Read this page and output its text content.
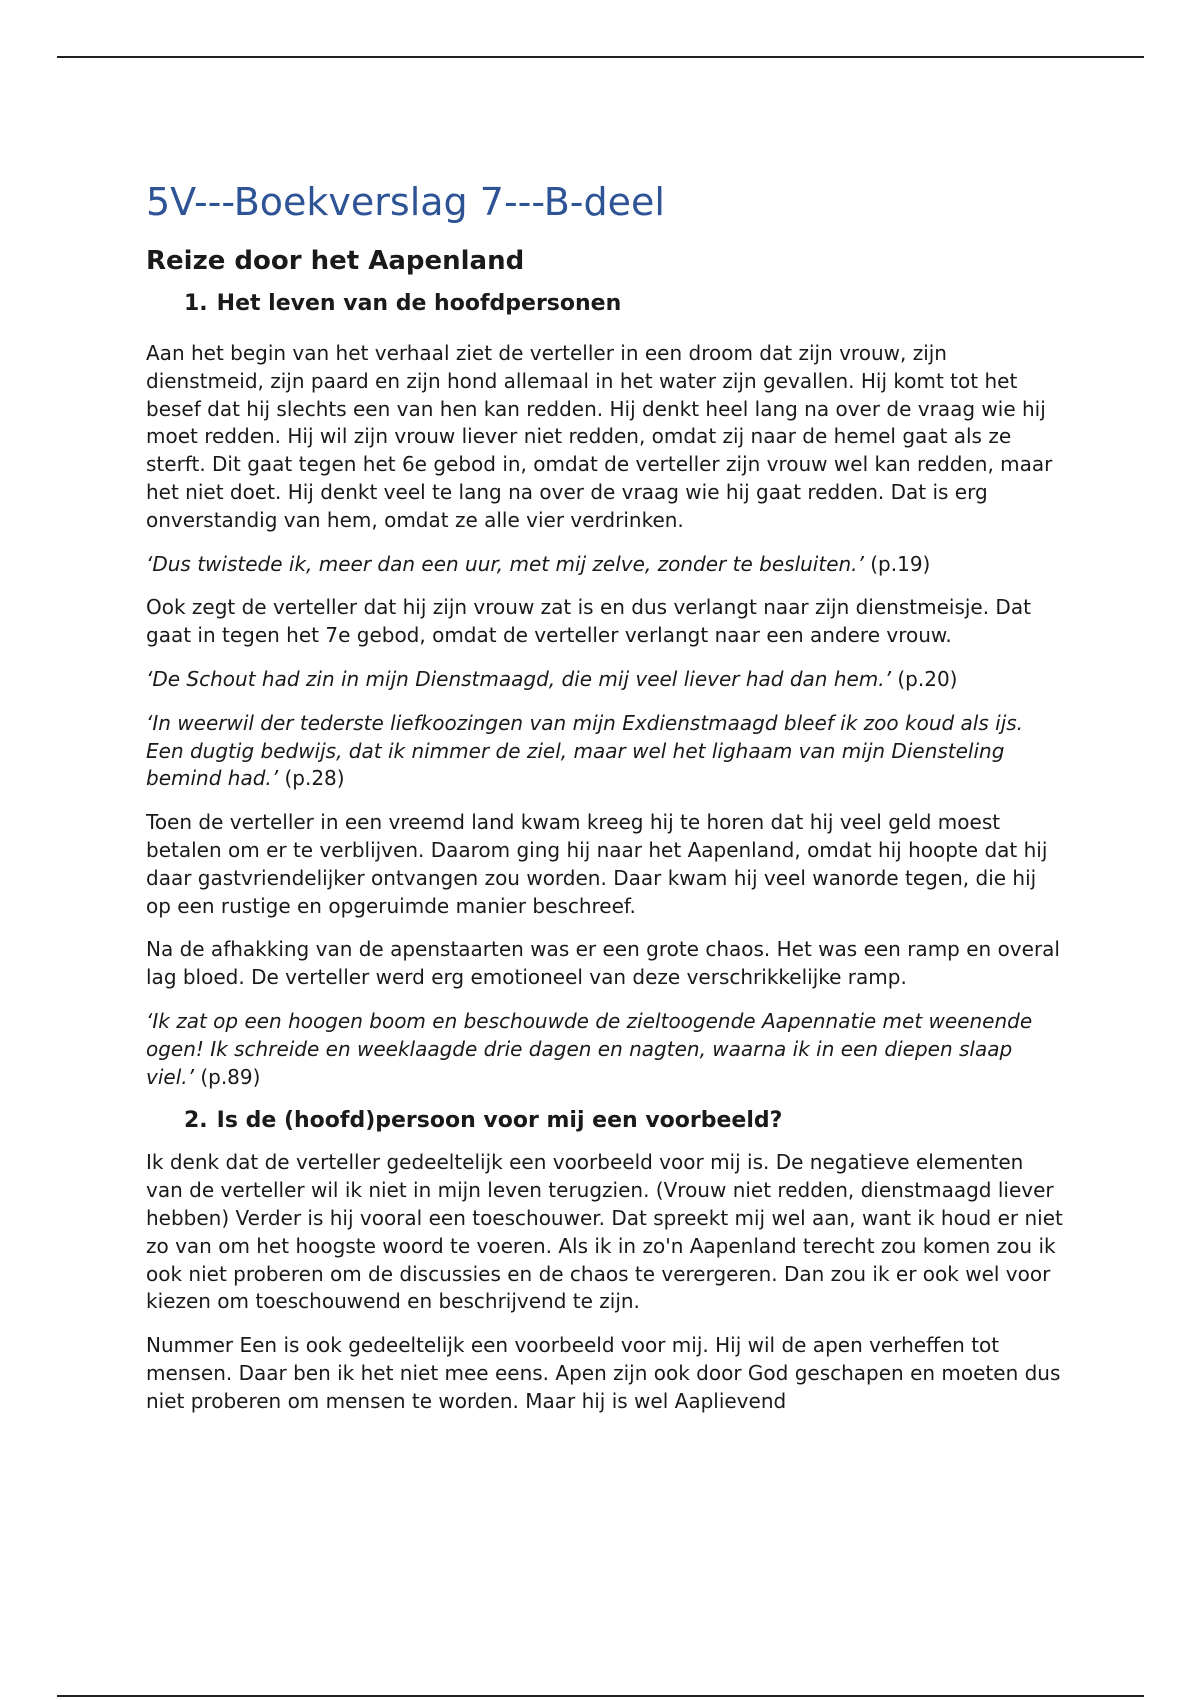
5V---Boekverslag 7---B-deel
Reize door het Aapenland
1. Het leven van de hoofdpersonen

Aan het begin van het verhaal ziet de verteller in een droom dat zijn vrouw, zijn dienstmeid, zijn paard en zijn hond allemaal in het water zijn gevallen. Hij komt tot het besef dat hij slechts een van hen kan redden. Hij denkt heel lang na over de vraag wie hij moet redden. Hij wil zijn vrouw liever niet redden, omdat zij naar de hemel gaat als ze sterft. Dit gaat tegen het 6e gebod in, omdat de verteller zijn vrouw wel kan redden, maar het niet doet. Hij denkt veel te lang na over de vraag wie hij gaat redden. Dat is erg onverstandig van hem, omdat ze alle vier verdrinken.

‘Dus twistede ik, meer dan een uur, met mij zelve, zonder te besluiten.’ (p.19)

Ook zegt de verteller dat hij zijn vrouw zat is en dus verlangt naar zijn dienstmeisje. Dat gaat in tegen het 7e gebod, omdat de verteller verlangt naar een andere vrouw.

‘De Schout had zin in mijn Dienstmaagd, die mij veel liever had dan hem.’ (p.20)

‘In weerwil der tederste liefkoozingen van mijn Exdienstmaagd bleef ik zoo koud als ijs. Een dugtig bedwijs, dat ik nimmer de ziel, maar wel het lighaam van mijn Diensteling bemind had.’ (p.28)

Toen de verteller in een vreemd land kwam kreeg hij te horen dat hij veel geld moest betalen om er te verblijven. Daarom ging hij naar het Aapenland, omdat hij hoopte dat hij daar gastvriendelijker ontvangen zou worden. Daar kwam hij veel wanorde tegen, die hij op een rustige en opgeruimde manier beschreef.

Na de afhakking van de apenstaarten was er een grote chaos. Het was een ramp en overal lag bloed. De verteller werd erg emotioneel van deze verschrikkelijke ramp.

‘Ik zat op een hoogen boom en beschouwde de zieltoogende Aapennatie met weenende ogen! Ik schreide en weeklaagde drie dagen en nagten, waarna ik in een diepen slaap viel.’ (p.89)

2. Is de (hoofd)persoon voor mij een voorbeeld?

Ik denk dat de verteller gedeeltelijk een voorbeeld voor mij is. De negatieve elementen van de verteller wil ik niet in mijn leven terugzien. (Vrouw niet redden, dienstmaagd liever hebben) Verder is hij vooral een toeschouwer. Dat spreekt mij wel aan, want ik houd er niet zo van om het hoogste woord te voeren. Als ik in zo'n Aapenland terecht zou komen zou ik ook niet proberen om de discussies en de chaos te verergeren. Dan zou ik er ook wel voor kiezen om toeschouwend en beschrijvend te zijn.

Nummer Een is ook gedeeltelijk een voorbeeld voor mij. Hij wil de apen verheffen tot mensen. Daar ben ik het niet mee eens. Apen zijn ook door God geschapen en moeten dus niet proberen om mensen te worden. Maar hij is wel Aaplievend
